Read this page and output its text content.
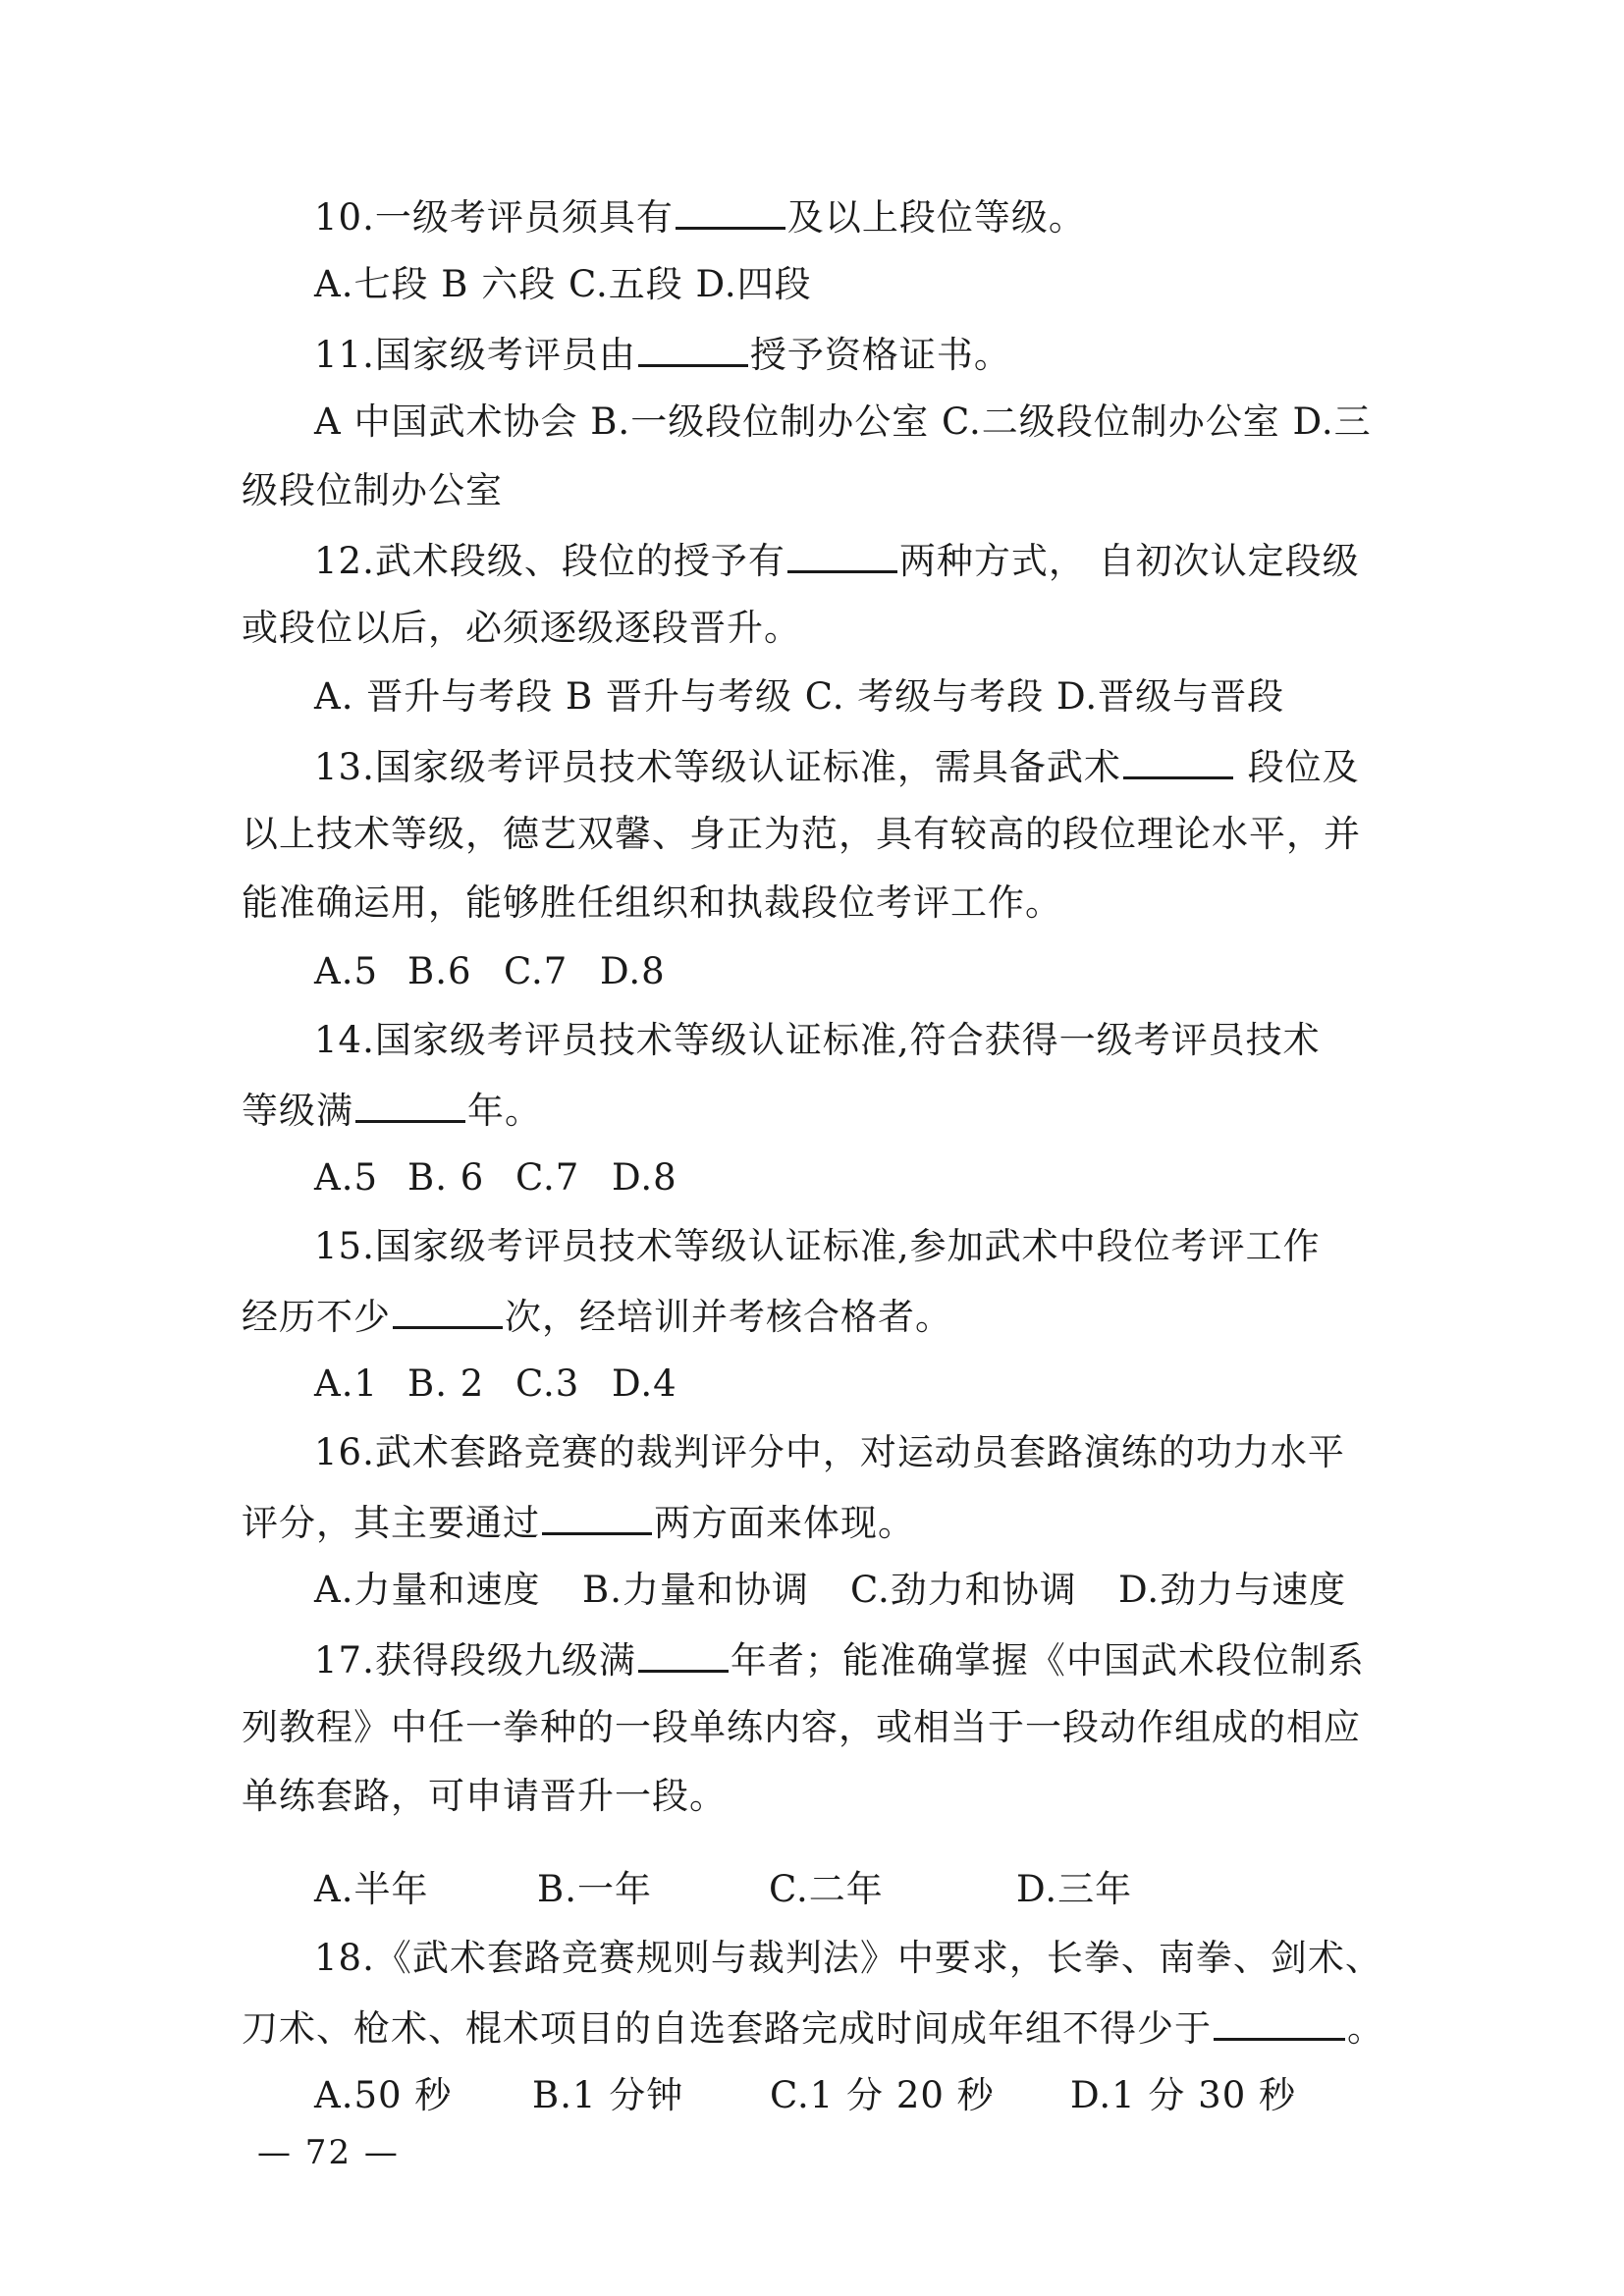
10.一级考评员须具有	及以上段位等级。
A.七段 B 六段 C.五段 D.四段
11.国家级考评员由	授予资格证书。
A 中国武术协会 B.一级段位制办公室 C.二级段位制办公室 D.三
级段位制办公室
12.武术段级、段位的授予有	两种方式， 自初次认定段级
或段位以后，必须逐级逐段晋升。
A. 晋升与考段 B 晋升与考级 C. 考级与考段 D.晋级与晋段
13.国家级考评员技术等级认证标准，需具备武术	段位及
以上技术等级，德艺双馨、身正为范，具有较高的段位理论水平，并
能准确运用，能够胜任组织和执裁段位考评工作。
A.5 B.6 C.7 D.8
14.国家级考评员技术等级认证标准,符合获得一级考评员技术
等级满	年。
A.5 B. 6 C.7 D.8
15.国家级考评员技术等级认证标准,参加武术中段位考评工作
经历不少	次，经培训并考核合格者。
A.1 B. 2 C.3 D.4
16.武术套路竞赛的裁判评分中，对运动员套路演练的功力水平
评分，其主要通过	两方面来体现。
A.力量和速度 B.力量和协调 C.劲力和协调 D.劲力与速度
17.获得段级九级满	年者；能准确掌握《中国武术段位制系
列教程》中任一拳种的一段单练内容，或相当于一段动作组成的相应
单练套路，可申请晋升一段。
A.半年	B.一年	C.二年	D.三年
18.《武术套路竞赛规则与裁判法》中要求，长拳、南拳、剑术、
刀术、枪术、棍术项目的自选套路完成时间成年组不得少于	。
A.50 秒 B.1 分钟 C.1 分 20 秒 D.1 分 30 秒
— 72 —
